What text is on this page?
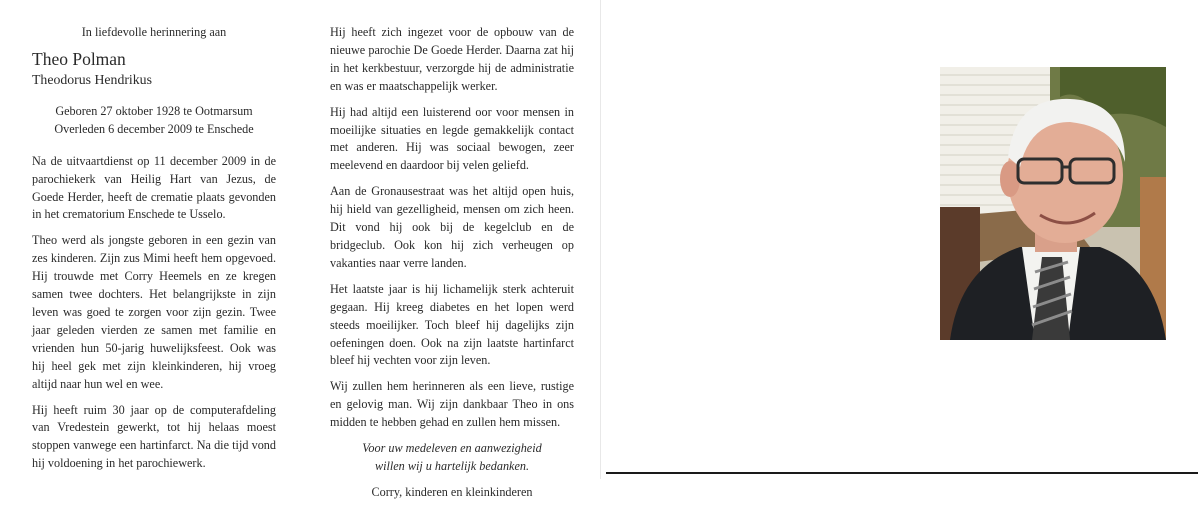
In liefdevolle herinnering aan

Theo Polman

Theodorus Hendrikus

Geboren 27 oktober 1928 te Ootmarsum
Overleden 6 december 2009 te Enschede

Na de uitvaartdienst op 11 december 2009 in de parochiekerk van Heilig Hart van Jezus, de Goede Herder, heeft de crematie plaats gevonden in het crematorium Enschede te Usselo.

Theo werd als jongste geboren in een gezin van zes kinderen. Zijn zus Mimi heeft hem opgevoed. Hij trouwde met Corry Heemels en ze kregen samen twee dochters. Het belangrijkste in zijn leven was goed te zorgen voor zijn gezin. Twee jaar geleden vierden ze samen met familie en vrienden hun 50-jarig huwelijksfeest. Ook was hij heel gek met zijn kleinkinderen, hij vroeg altijd naar hun wel en wee.

Hij heeft ruim 30 jaar op de computerafdeling van Vredestein gewerkt, tot hij helaas moest stoppen vanwege een hartinfarct. Na die tijd vond hij voldoening in het parochiewerk.

Hij heeft zich ingezet voor de opbouw van de nieuwe parochie De Goede Herder. Daarna zat hij in het kerkbestuur, verzorgde hij de administratie en was er maatschappelijk werker.

Hij had altijd een luisterend oor voor mensen in moeilijke situaties en legde gemakkelijk contact met anderen. Hij was sociaal bewogen, zeer meelevend en daardoor bij velen geliefd.

Aan de Gronausestraat was het altijd open huis, hij hield van gezelligheid, mensen om zich heen. Dit vond hij ook bij de kegelclub en de bridgeclub. Ook kon hij zich verheugen op vakanties naar verre landen.

Het laatste jaar is hij lichamelijk sterk achteruit gegaan. Hij kreeg diabetes en het lopen werd steeds moeilijker. Toch bleef hij dagelijks zijn oefeningen doen. Ook na zijn laatste hartinfarct bleef hij vechten voor zijn leven.

Wij zullen hem herinneren als een lieve, rustige en gelovig man. Wij zijn dankbaar Theo in ons midden te hebben gehad en zullen hem missen.

Voor uw medeleven en aanwezigheid
willen wij u hartelijk bedanken.

Corry, kinderen en kleinkinderen
